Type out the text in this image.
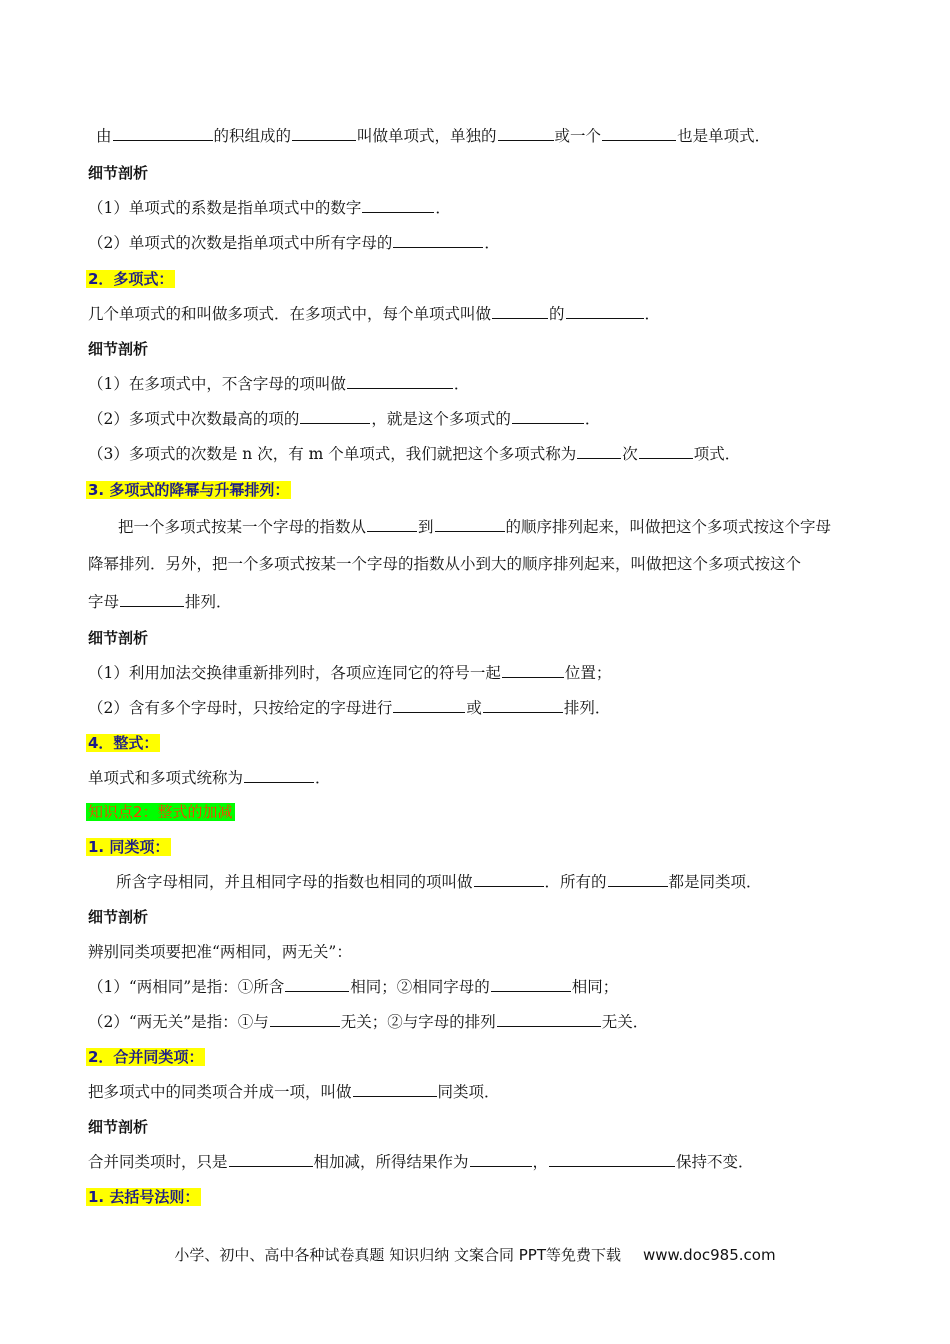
由	的积组成的	叫做单项式，单独的	或一个	也是单项式．
细节剖析
（1）单项式的系数是指单项式中的数字	．
（2）单项式的次数是指单项式中所有字母的	．
2．多项式：
几个单项式的和叫做多项式．在多项式中，每个单项式叫做	的	．
细节剖析
（1）在多项式中，不含字母的项叫做	．
（2）多项式中次数最高的项的	，就是这个多项式的	．
（3）多项式的次数是 n 次，有 m 个单项式，我们就把这个多项式称为	次	项式．
3. 多项式的降幂与升幂排列：
把一个多项式按某一个字母的指数从	到	的顺序排列起来，叫做把这个多项式按这个字母
降幂排列．另外，把一个多项式按某一个字母的指数从小到大的顺序排列起来，叫做把这个多项式按这个
字母	排列．
细节剖析
（1）利用加法交换律重新排列时，各项应连同它的符号一起	位置；
（2）含有多个字母时，只按给定的字母进行	或	排列．
4．整式：
单项式和多项式统称为	．
知识点2：整式的加减
1. 同类项：
所含字母相同，并且相同字母的指数也相同的项叫做	．所有的	都是同类项．
细节剖析
辨别同类项要把准“两相同，两无关”：
（1）“两相同”是指：①所含	相同；②相同字母的	相同；
（2）“两无关”是指：①与	无关；②与字母的排列	无关．
2．合并同类项：
把多项式中的同类项合并成一项，叫做	同类项．
细节剖析
合并同类项时，只是	相加减，所得结果作为	，	保持不变．
1. 去括号法则：
小学、初中、高中各种试卷真题 知识归纳 文案合同 PPT等免费下载 www.doc985.com
